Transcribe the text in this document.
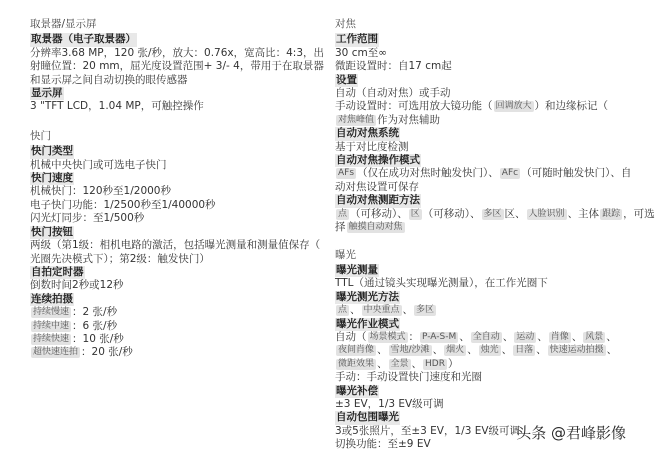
取景器/显示屏
取景器（电子取景器）
分辨率3.68 MP，120 张/秒，放大：0.76x，宽高比：4:3，出
射瞳位置：20 mm，屈光度设置范围+ 3/- 4，带用于在取景器
和显示屏之间自动切换的眼传感器
显示屏
3 "TFT LCD，1.04 MP，可触控操作
快门
快门类型
机械中央快门或可选电子快门
快门速度
机械快门：120秒至1/2000秒
电子快门功能：1/2500秒至1/40000秒
闪光灯同步：至1/500秒
快门按钮
两级（第1级：相机电路的激活，包括曝光测量和测量值保存（
光圈先决模式下）；第2级：触发快门）
自拍定时器
倒数时间2秒或12秒
连续拍摄
持续慢速 ：2 张/秒
持续中速 ：6 张/秒
持续快速 ：10 张/秒
超快速连拍 ：20 张/秒
对焦
工作范围
30 cm至∞
微距设置时：自17 cm起
设置
自动（自动对焦）或手动
手动设置时：可选用放大镜功能（ 回调放大 ）和边缘标记（
对焦峰值 作为对焦辅助
自动对焦系统
基于对比度检测
自动对焦操作模式
AFs （仅在成功对焦时触发快门）、 AFc （可随时触发快门）、自
动对焦设置可保存
自动对焦测距方法
点 （可移动）、 区 （可移动）、 多区 区、 人脸识别 、主体 跟踪 ，可选
择 触摸自动对焦
曝光
曝光测量
TTL（通过镜头实现曝光测量），在工作光圈下
曝光测光方法
点 、 中央重点 、 多区
曝光作业模式
自动（ 场景模式 ： P-A-S-M 、 全自动 、 运动 、 肖像 、 风景 、
夜间肖像 、 雪地/沙滩 、 烟火 、 烛光 、 日落 、 快速运动拍摄 、
微距效果 、 全景 、 HDR ）
手动：手动设置快门速度和光圈
曝光补偿
±3 EV，1/3 EV级可调
自动包围曝光
3或5张照片，至±3 EV，1/3 EV级可调
切换功能：至±9 EV
头条 @君峰影像
